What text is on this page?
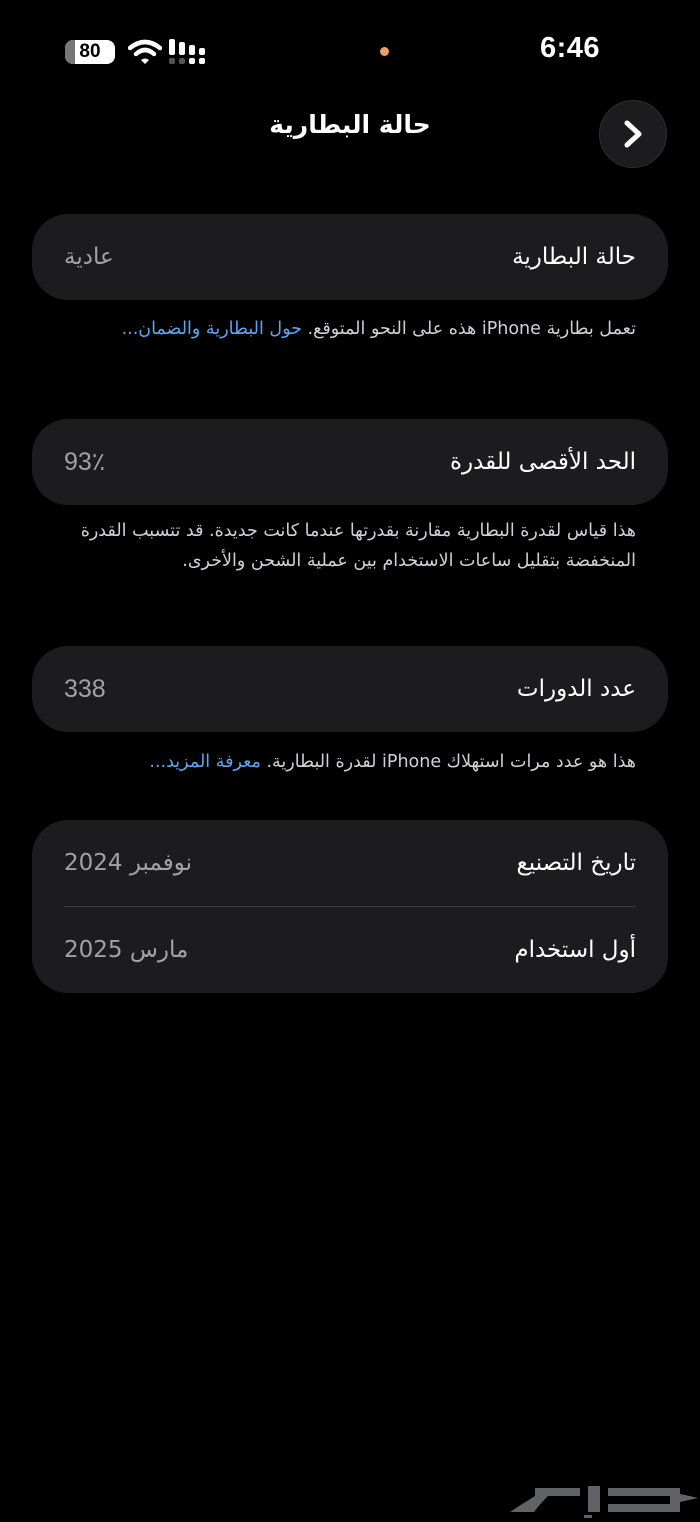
80	6:46
حالة البطارية
حالة البطارية
عادية
تعمل بطارية iPhone هذه على النحو المتوقع. حول البطارية والضمان...
الحد الأقصى للقدرة
93٪
هذا قياس لقدرة البطارية مقارنة بقدرتها عندما كانت جديدة. قد تتسبب القدرة المنخفضة بتقليل ساعات الاستخدام بين عملية الشحن والأخرى.
عدد الدورات
338
هذا هو عدد مرات استهلاك iPhone لقدرة البطارية. معرفة المزيد...
تاريخ التصنيع
نوفمبر 2024
أول استخدام
مارس 2025
